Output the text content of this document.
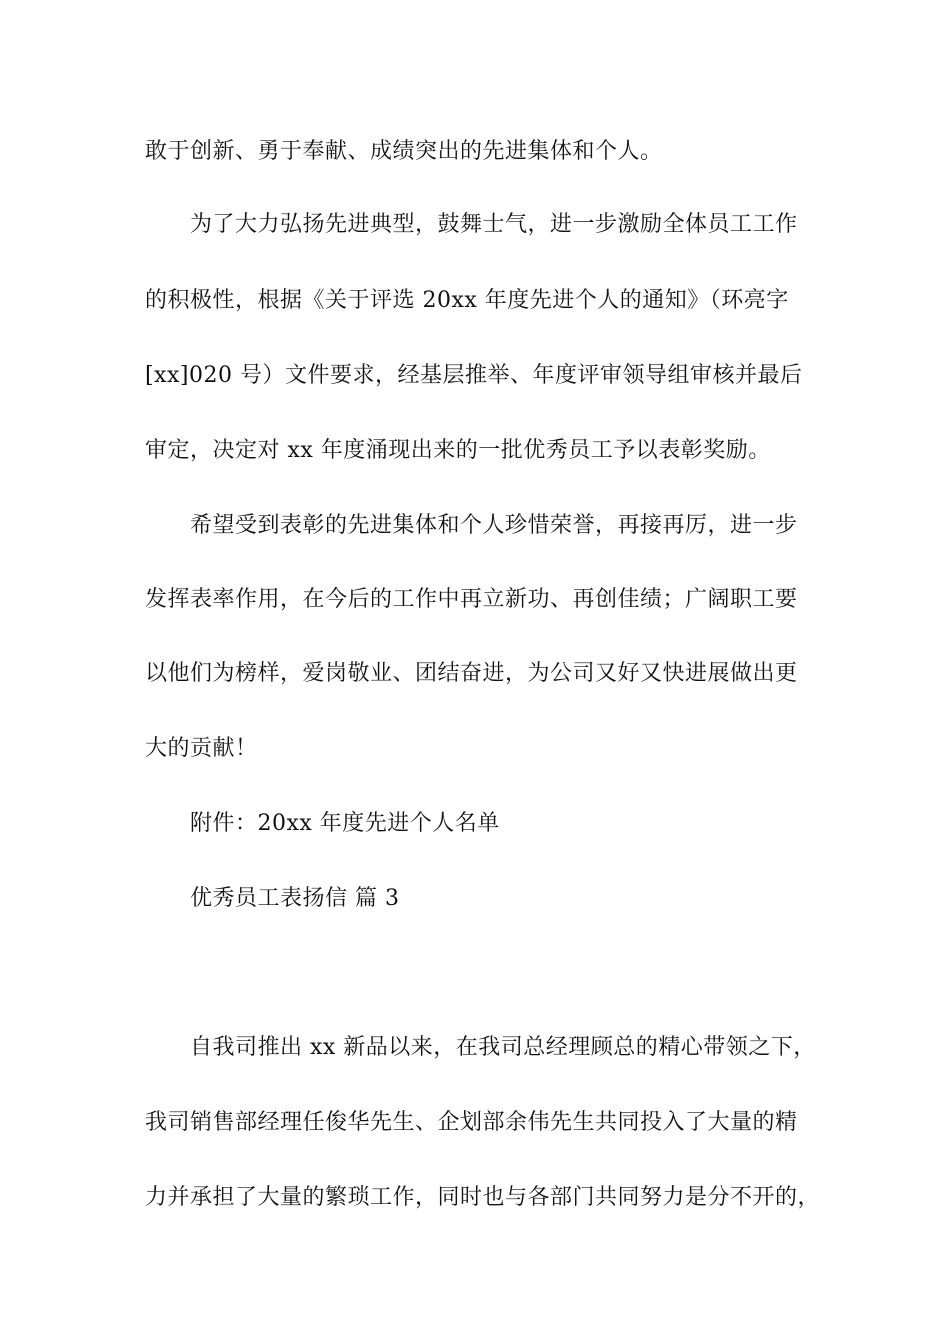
敢于创新、勇于奉献、成绩突出的先进集体和个人。
为了大力弘扬先进典型，鼓舞士气，进一步激励全体员工工作
的积极性，根据《关于评选 20xx 年度先进个人的通知》（环亮字
[xx]020 号）文件要求，经基层推举、年度评审领导组审核并最后
审定，决定对 xx 年度涌现出来的一批优秀员工予以表彰奖励。
希望受到表彰的先进集体和个人珍惜荣誉，再接再厉，进一步
发挥表率作用，在今后的工作中再立新功、再创佳绩；广阔职工要
以他们为榜样，爱岗敬业、团结奋进，为公司又好又快进展做出更
大的贡献！
附件：20xx 年度先进个人名单
优秀员工表扬信 篇 3
自我司推出 xx 新品以来，在我司总经理顾总的精心带领之下，
我司销售部经理任俊华先生、企划部余伟先生共同投入了大量的精
力并承担了大量的繁琐工作，同时也与各部门共同努力是分不开的，
